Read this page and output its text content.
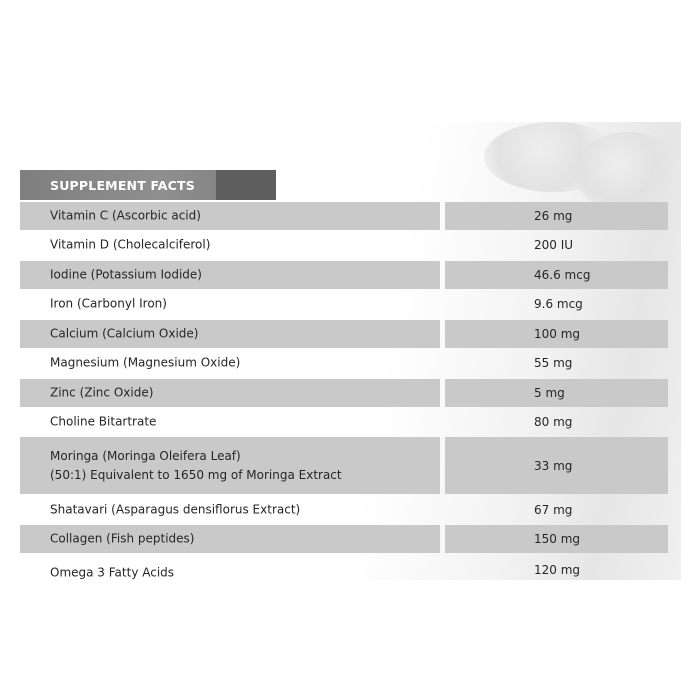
SUPPLEMENT FACTS
Vitamin C (Ascorbic acid)	26 mg
Vitamin D (Cholecalciferol)	200 IU
Iodine (Potassium Iodide)	46.6 mcg
Iron (Carbonyl Iron)	9.6 mcg
Calcium (Calcium Oxide)	100 mg
Magnesium (Magnesium Oxide)	55 mg
Zinc (Zinc Oxide)	5 mg
Choline Bitartrate	80 mg
Moringa (Moringa Oleifera Leaf)
(50:1) Equivalent to 1650 mg of Moringa Extract
33 mg
Shatavari (Asparagus densiflorus Extract)	67 mg
Collagen (Fish peptides)	150 mg
Omega 3 Fatty Acids	120 mg
